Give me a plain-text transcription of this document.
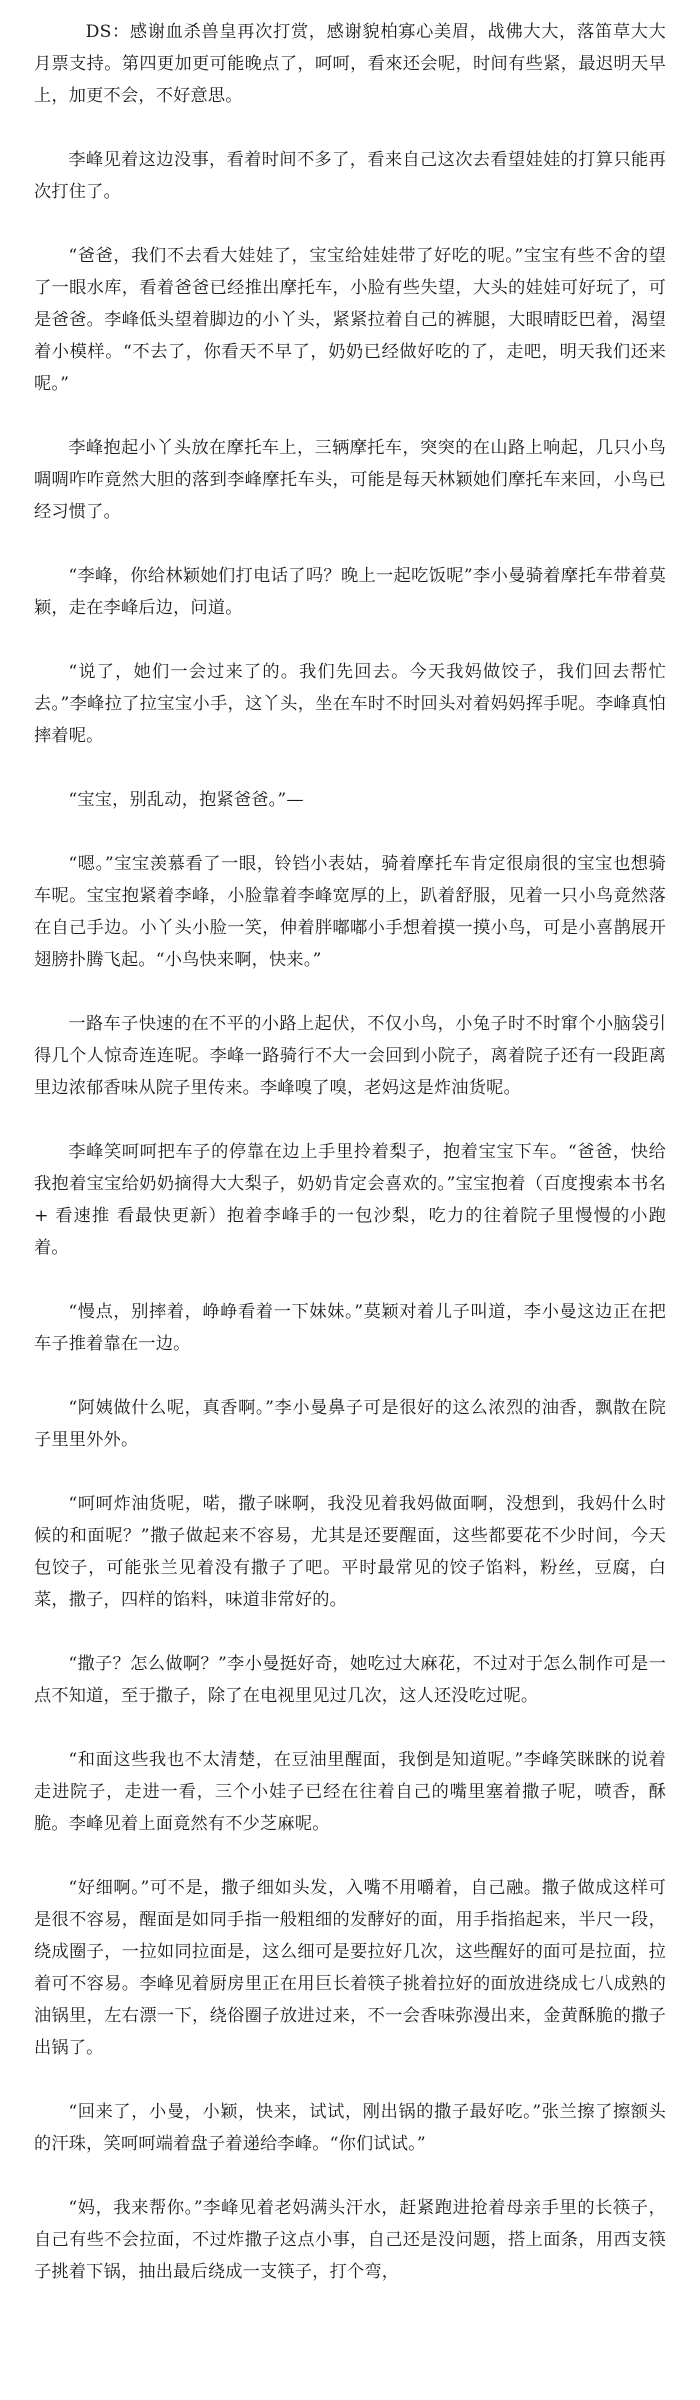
DS：感谢血杀兽皇再次打赏，感谢貌柏寡心美眉，战佛大大，落笛草大大月票支持。第四更加更可能晚点了，呵呵，看來还会呢，时间有些紧，最迟明天早上，加更不会，不好意思。

李峰见着这边没事，看着时间不多了，看来自己这次去看望娃娃的打算只能再次打住了。

“爸爸，我们不去看大娃娃了，宝宝给娃娃带了好吃的呢。”宝宝有些不舍的望了一眼水库，看着爸爸已经推出摩托车，小脸有些失望，大头的娃娃可好玩了，可是爸爸。李峰低头望着脚边的小丫头，紧紧拉着自己的裤腿，大眼晴眨巴着，渴望着小模样。“不去了，你看天不早了，奶奶已经做好吃的了，走吧，明天我们还来呢。”

李峰抱起小丫头放在摩托车上，三辆摩托车，突突的在山路上响起，几只小鸟啁啁咋咋竟然大胆的落到李峰摩托车头，可能是每天林颖她们摩托车来回，小鸟已经习惯了。

“李峰，你给林颖她们打电话了吗？晚上一起吃饭呢”李小曼骑着摩托车带着莫颖，走在李峰后边，问道。

“说了，她们一会过来了的。我们先回去。今天我妈做饺子，我们回去帮忙去。”李峰拉了拉宝宝小手，这丫头，坐在车时不时回头对着妈妈挥手呢。李峰真怕摔着呢。

“宝宝，别乱动，抱紧爸爸。”—

“嗯。”宝宝羡慕看了一眼，铃铛小表姑，骑着摩托车肯定很扇很的宝宝也想骑车呢。宝宝抱紧着李峰，小脸靠着李峰宽厚的上，趴着舒服，见着一只小鸟竟然落在自己手边。小丫头小脸一笑，伸着胖嘟嘟小手想着摸一摸小鸟，可是小喜鹊展开翅膀扑腾飞起。“小鸟快来啊，快来。”

一路车子快速的在不平的小路上起伏，不仅小鸟，小兔子时不时窜个小脑袋引得几个人惊奇连连呢。李峰一路骑行不大一会回到小院子，离着院子还有一段距离里边浓郁香味从院子里传来。李峰嗅了嗅，老妈这是炸油货呢。

李峰笑呵呵把车子的停靠在边上手里拎着梨子，抱着宝宝下车。“爸爸，快给我抱着宝宝给奶奶摘得大大梨子，奶奶肯定会喜欢的。”宝宝抱着（百度搜索本书名+ 看速推 看最快更新）抱着李峰手的一包沙梨，吃力的往着院子里慢慢的小跑着。

“慢点，别摔着，峥峥看着一下妹妹。”莫颖对着儿子叫道，李小曼这边正在把车子推着靠在一边。

“阿姨做什么呢，真香啊。”李小曼鼻子可是很好的这么浓烈的油香，飘散在院子里里外外。

“呵呵炸油货呢，喏，撒子咪啊，我没见着我妈做面啊，没想到，我妈什么时候的和面呢？”撒子做起来不容易，尤其是还要醒面，这些都要花不少时间，今天包饺子，可能张兰见着没有撒子了吧。平时最常见的饺子馅料，粉丝，豆腐，白菜，撒子，四样的馅料，味道非常好的。

“撒子？怎么做啊？”李小曼挺好奇，她吃过大麻花，不过对于怎么制作可是一点不知道，至于撒子，除了在电视里见过几次，这人还没吃过呢。

“和面这些我也不太清楚，在豆油里醒面，我倒是知道呢。”李峰笑眯眯的说着走进院子，走进一看，三个小娃子已经在往着自己的嘴里塞着撒子呢，喷香，酥脆。李峰见着上面竟然有不少芝麻呢。

“好细啊。”可不是，撒子细如头发，入嘴不用嚼着，自己融。撒子做成这样可是很不容易，醒面是如同手指一般粗细的发酵好的面，用手指掐起来，半尺一段，绕成圈子，一拉如同拉面是，这么细可是要拉好几次，这些醒好的面可是拉面，拉着可不容易。李峰见着厨房里正在用巨长着筷子挑着拉好的面放进绕成七八成熟的油锅里，左右漂一下，绕俗圈子放进过来，不一会香味弥漫出来，金黄酥脆的撒子出锅了。

“回来了，小曼，小颖，快来，试试，刚出锅的撒子最好吃。”张兰擦了擦额头的汗珠，笑呵呵端着盘子着递给李峰。“你们试试。”

“妈，我来帮你。”李峰见着老妈满头汗水，赶紧跑进抢着母亲手里的长筷子，自己有些不会拉面，不过炸撒子这点小事，自己还是没问题，搭上面条，用西支筷子挑着下锅，抽出最后绕成一支筷子，打个弯，
